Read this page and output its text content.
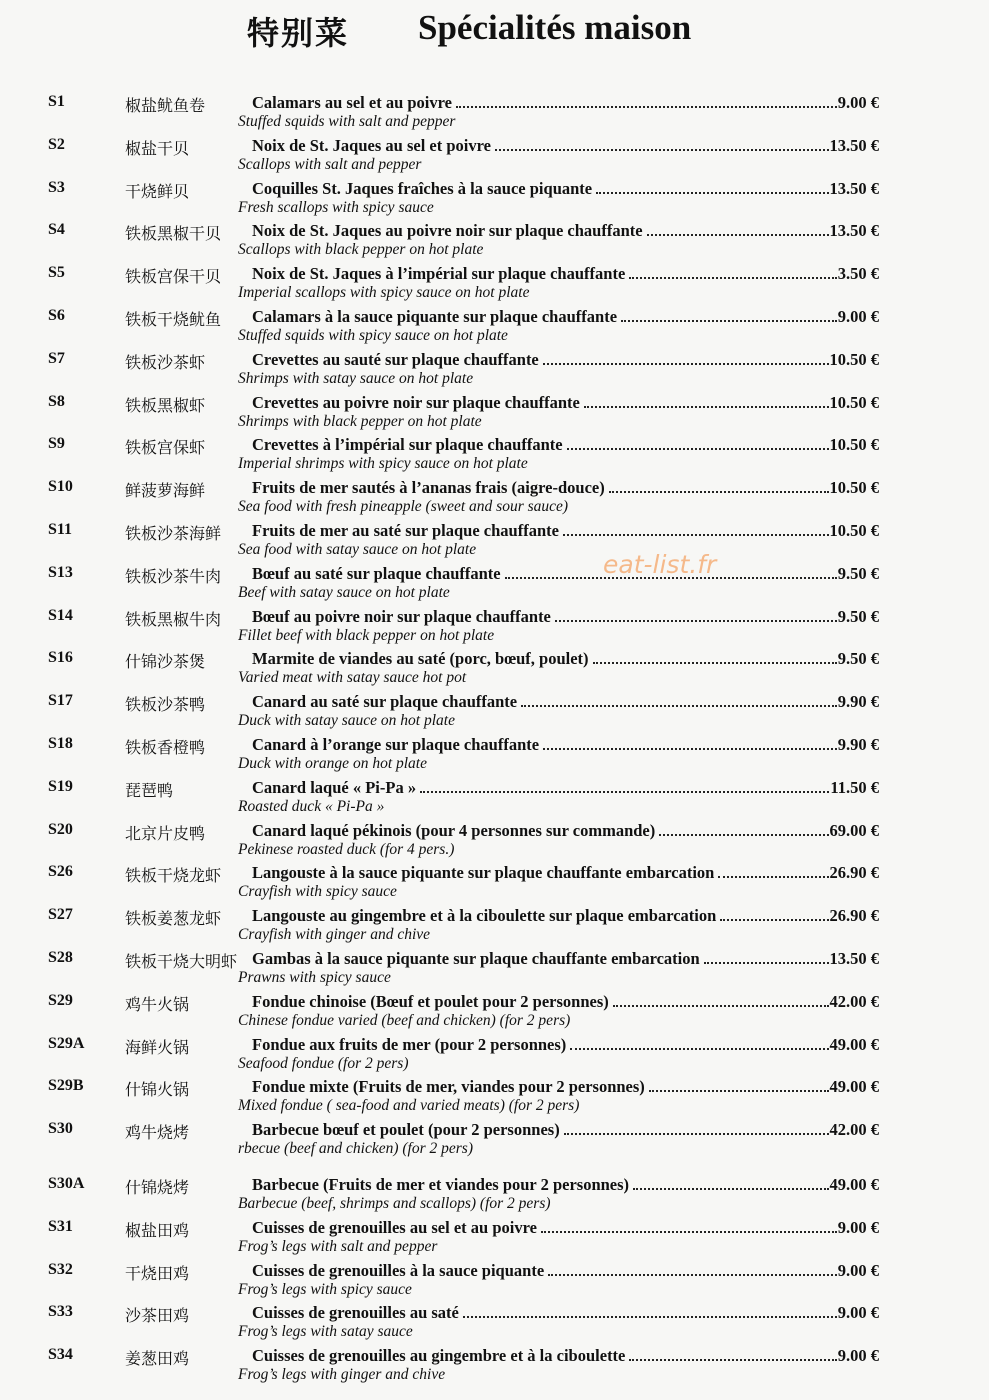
特别菜 Spécialités maison
S1	椒盐鱿鱼卷	Calamars au sel et au poivre	9.00 €
Stuffed squids with salt and pepper
S2	椒盐干贝	Noix de St. Jaques au sel et poivre	13.50 €
Scallops with salt and pepper
S3	干烧鲜贝	Coquilles St. Jaques fraîches à la sauce piquante	13.50 €
Fresh scallops with spicy sauce
S4	铁板黑椒干贝 Noix de St. Jaques au poivre noir sur plaque chauffante	13.50 €
Scallops with black pepper on hot plate
S5	铁板宫保干贝 Noix de St. Jaques à l’impérial sur plaque chauffante	3.50 €
Imperial scallops with spicy sauce on hot plate
S6	铁板干烧鱿鱼 Calamars à la sauce piquante sur plaque chauffante	9.00 €
Stuffed squids with spicy sauce on hot plate
S7	铁板沙茶虾	Crevettes au sauté sur plaque chauffante	10.50 €
Shrimps with satay sauce on hot plate
S8	铁板黑椒虾	Crevettes au poivre noir sur plaque chauffante	10.50 €
Shrimps with black pepper on hot plate
S9	铁板宫保虾	Crevettes à l’impérial sur plaque chauffante	10.50 €
Imperial shrimps with spicy sauce on hot plate
S10	鲜菠萝海鲜	Fruits de mer sautés à l’ananas frais (aigre-douce)	10.50 €
Sea food with fresh pineapple (sweet and sour sauce)
S11	铁板沙茶海鲜 Fruits de mer au saté sur plaque chauffante	10.50 €
Sea food with satay sauce on hot plate
S13	铁板沙茶牛肉 Bœuf au saté sur plaque chauffante	9.50 €
Beef with satay sauce on hot plate
S14	铁板黑椒牛肉 Bœuf au poivre noir sur plaque chauffante	9.50 €
Fillet beef with black pepper on hot plate
S16	什锦沙茶煲	Marmite de viandes au saté (porc, bœuf, poulet)	9.50 €
Varied meat with satay sauce hot pot
S17	铁板沙茶鸭	Canard au saté sur plaque chauffante	9.90 €
Duck with satay sauce on hot plate
S18	铁板香橙鸭	Canard à l’orange sur plaque chauffante	9.90 €
Duck with orange on hot plate
S19	琵琶鸭	Canard laqué « Pi-Pa »	11.50 €
Roasted duck « Pi-Pa »
S20	北京片皮鸭	Canard laqué pékinois (pour 4 personnes sur commande)	69.00 €
Pekinese roasted duck (for 4 pers.)
S26	铁板干烧龙虾 Langouste à la sauce piquante sur plaque chauffante embarcation	26.90 €
Crayfish with spicy sauce
S27	铁板姜葱龙虾 Langouste au gingembre et à la ciboulette sur plaque embarcation	26.90 €
Crayfish with ginger and chive
S28	铁板干烧大明虾 Gambas à la sauce piquante sur plaque chauffante embarcation	13.50 €
Prawns with spicy sauce
S29	鸡牛火锅	Fondue chinoise (Bœuf et poulet pour 2 personnes)	42.00 €
Chinese fondue varied (beef and chicken) (for 2 pers)
S29A	海鲜火锅	Fondue aux fruits de mer (pour 2 personnes)	49.00 €
Seafood fondue (for 2 pers)
S29B	什锦火锅	Fondue mixte (Fruits de mer, viandes pour 2 personnes)	49.00 €
Mixed fondue ( sea-food and varied meats) (for 2 pers)
S30	鸡牛烧烤	Barbecue bœuf et poulet (pour 2 personnes)	42.00 €
rbecue (beef and chicken) (for 2 pers)
S30A	什锦烧烤	Barbecue (Fruits de mer et viandes pour 2 personnes)	49.00 €
Barbecue (beef, shrimps and scallops) (for 2 pers)
S31	椒盐田鸡	Cuisses de grenouilles au sel et au poivre	9.00 €
Frog’s legs with salt and pepper
S32	干烧田鸡	Cuisses de grenouilles à la sauce piquante	9.00 €
Frog’s legs with spicy sauce
S33	沙茶田鸡	Cuisses de grenouilles au saté	9.00 €
Frog’s legs with satay sauce
S34	姜葱田鸡	Cuisses de grenouilles au gingembre et à la ciboulette	9.00 €
Frog’s legs with ginger and chive
eat-list.fr
